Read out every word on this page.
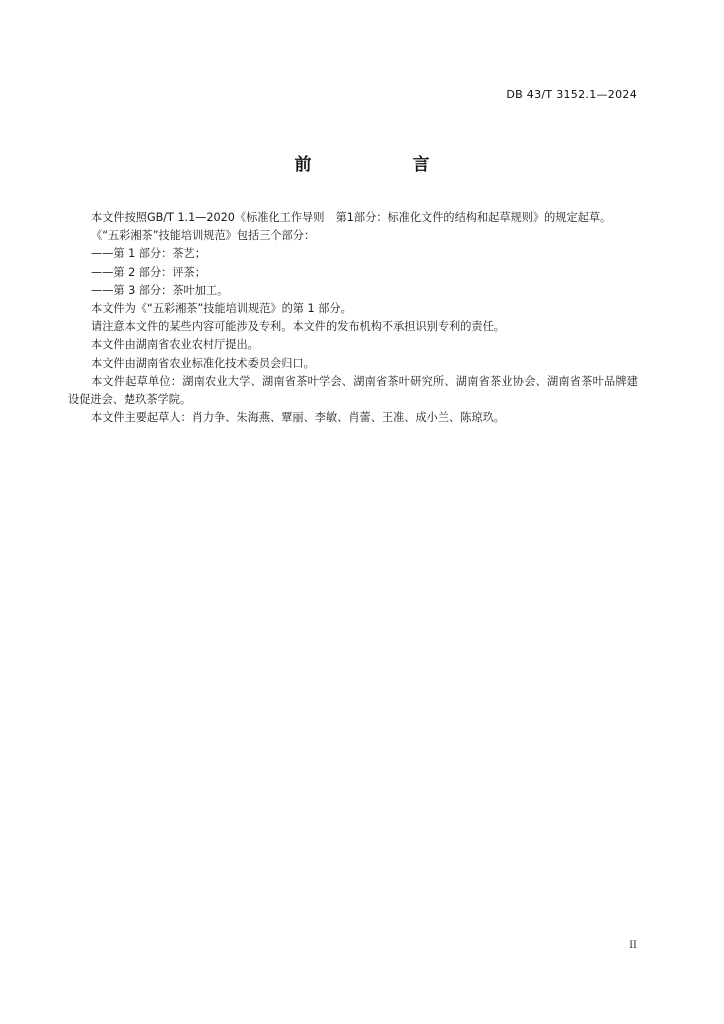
DB 43/T 3152.1—2024
前　言

本文件按照GB/T 1.1—2020《标准化工作导则　第1部分：标准化文件的结构和起草规则》的规定起草。

《“五彩湘茶”技能培训规范》包括三个部分：

——第 1 部分：茶艺；

——第 2 部分：评茶；

——第 3 部分：茶叶加工。

本文件为《“五彩湘茶”技能培训规范》的第 1 部分。

请注意本文件的某些内容可能涉及专利。本文件的发布机构不承担识别专利的责任。

本文件由湖南省农业农村厅提出。

本文件由湖南省农业标准化技术委员会归口。

本文件起草单位：湖南农业大学、湖南省茶叶学会、湖南省茶叶研究所、湖南省茶业协会、湖南省茶叶品牌建设促进会、楚玖茶学院。

本文件主要起草人：肖力争、朱海燕、覃丽、李敏、肖蕾、王准、成小兰、陈琼玖。

II
